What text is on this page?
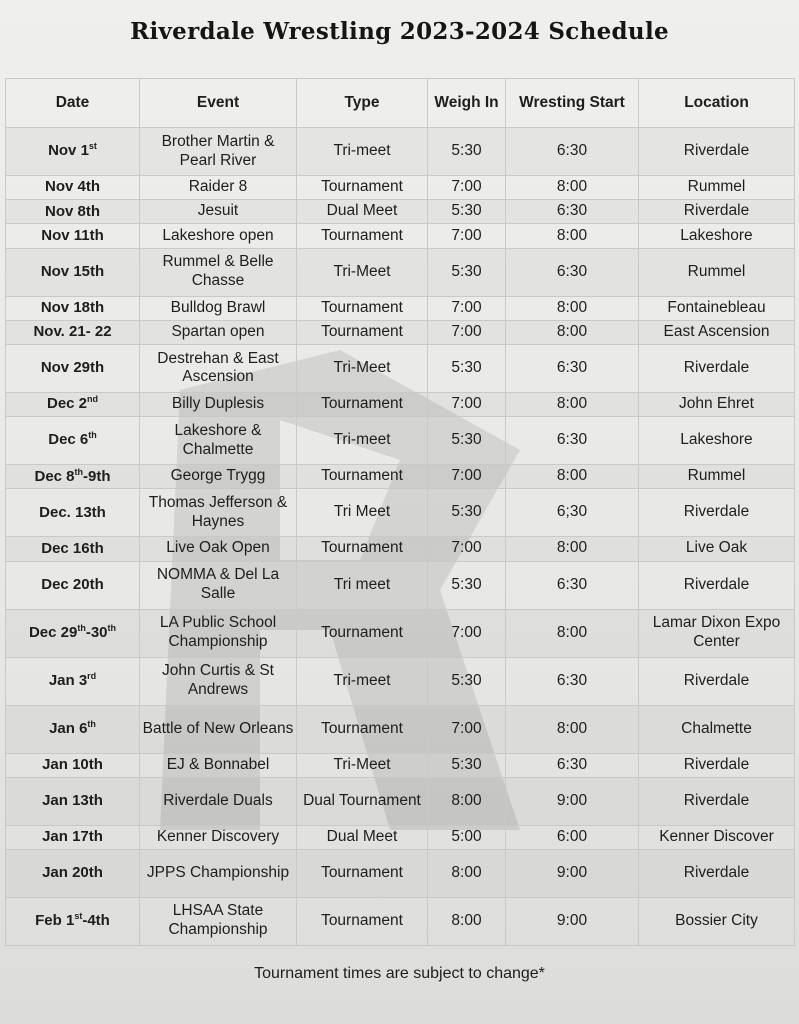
Riverdale Wrestling 2023-2024 Schedule
Date	Event	Type	Weigh In	Wresting Start	Location
Nov 1st	Brother Martin & Pearl River	Tri-meet	5:30	6:30	Riverdale
Nov 4th	Raider 8	Tournament	7:00	8:00	Rummel
Nov 8th	Jesuit	Dual Meet	5:30	6:30	Riverdale
Nov 11th	Lakeshore open	Tournament	7:00	8:00	Lakeshore
Nov 15th	Rummel & Belle Chasse	Tri-Meet	5:30	6:30	Rummel
Nov 18th	Bulldog Brawl	Tournament	7:00	8:00	Fontainebleau
Nov. 21- 22	Spartan open	Tournament	7:00	8:00	East Ascension
Nov 29th	Destrehan & East Ascension	Tri-Meet	5:30	6:30	Riverdale
Dec 2nd	Billy Duplesis	Tournament	7:00	8:00	John Ehret
Dec 6th	Lakeshore & Chalmette	Tri-meet	5:30	6:30	Lakeshore
Dec 8th-9th	George Trygg	Tournament	7:00	8:00	Rummel
Dec. 13th	Thomas Jefferson & Haynes	Tri Meet	5:30	6;30	Riverdale
Dec 16th	Live Oak Open	Tournament	7:00	8:00	Live Oak
Dec 20th	NOMMA & Del La Salle	Tri meet	5:30	6:30	Riverdale
Dec 29th-30th	LA Public School Championship	Tournament	7:00	8:00	Lamar Dixon Expo Center
Jan 3rd	John Curtis & St Andrews	Tri-meet	5:30	6:30	Riverdale
Jan 6th	Battle of New Orleans	Tournament	7:00	8:00	Chalmette
Jan 10th	EJ & Bonnabel	Tri-Meet	5:30	6:30	Riverdale
Jan 13th	Riverdale Duals	Dual Tournament	8:00	9:00	Riverdale
Jan 17th	Kenner Discovery	Dual Meet	5:00	6:00	Kenner Discover
Jan 20th	JPPS Championship	Tournament	8:00	9:00	Riverdale
Feb 1st-4th	LHSAA State Championship	Tournament	8:00	9:00	Bossier City
Tournament times are subject to change*
